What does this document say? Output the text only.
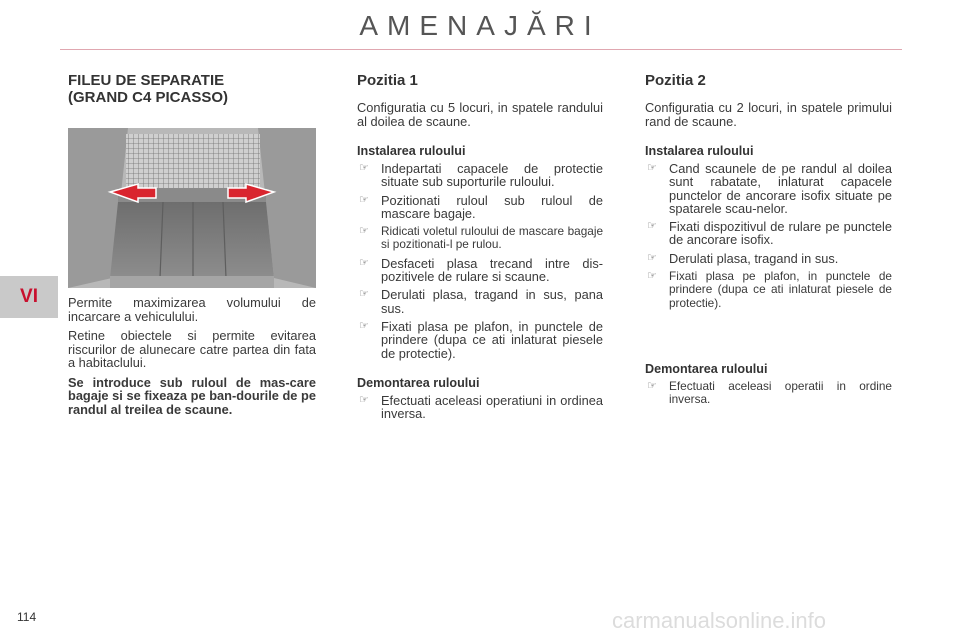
AMENAJĂRI
VI
114	carmanualsonline.info
FILEU DE SEPARATIE
(GRAND C4 PICASSO)

Permite maximizarea volumului de incarcare a vehiculului.

Retine obiectele si permite evitarea riscurilor de alunecare catre partea din fata a habitaclului.

Se introduce sub ruloul de mas-care bagaje si se fixeaza pe ban-dourile de pe randul al treilea de scaune.

Pozitia 1

Configuratia cu 5 locuri, in spatele randului al doilea de scaune.

Instalarea ruloului

☞ Indepartati capacele de protectie situate sub suporturile ruloului.
☞ Pozitionati ruloul sub ruloul de mascare bagaje.
☞ Ridicati voletul ruloului de mascare bagaje si pozitionati-l pe rulou.
☞ Desfaceti plasa trecand intre dis-pozitivele de rulare si scaune.
☞ Derulati plasa, tragand in sus, pana sus.
☞ Fixati plasa pe plafon, in punctele de prindere (dupa ce ati inlaturat piesele de protectie).

Demontarea ruloului

☞ Efectuati aceleasi operatiuni in ordinea inversa.
Pozitia 2

Configuratia cu 2 locuri, in spatele primului rand de scaune.

Instalarea ruloului

☞ Cand scaunele de pe randul al doilea sunt rabatate, inlaturat capacele punctelor de ancorare isofix situate pe spatarele scau-nelor.
☞ Fixati dispozitivul de rulare pe punctele de ancorare isofix.
☞ Derulati plasa, tragand in sus.
☞ Fixati plasa pe plafon, in punctele de prindere (dupa ce ati inlaturat piesele de protectie).

Demontarea ruloului

☞ Efectuati aceleasi operatii in ordine inversa.
